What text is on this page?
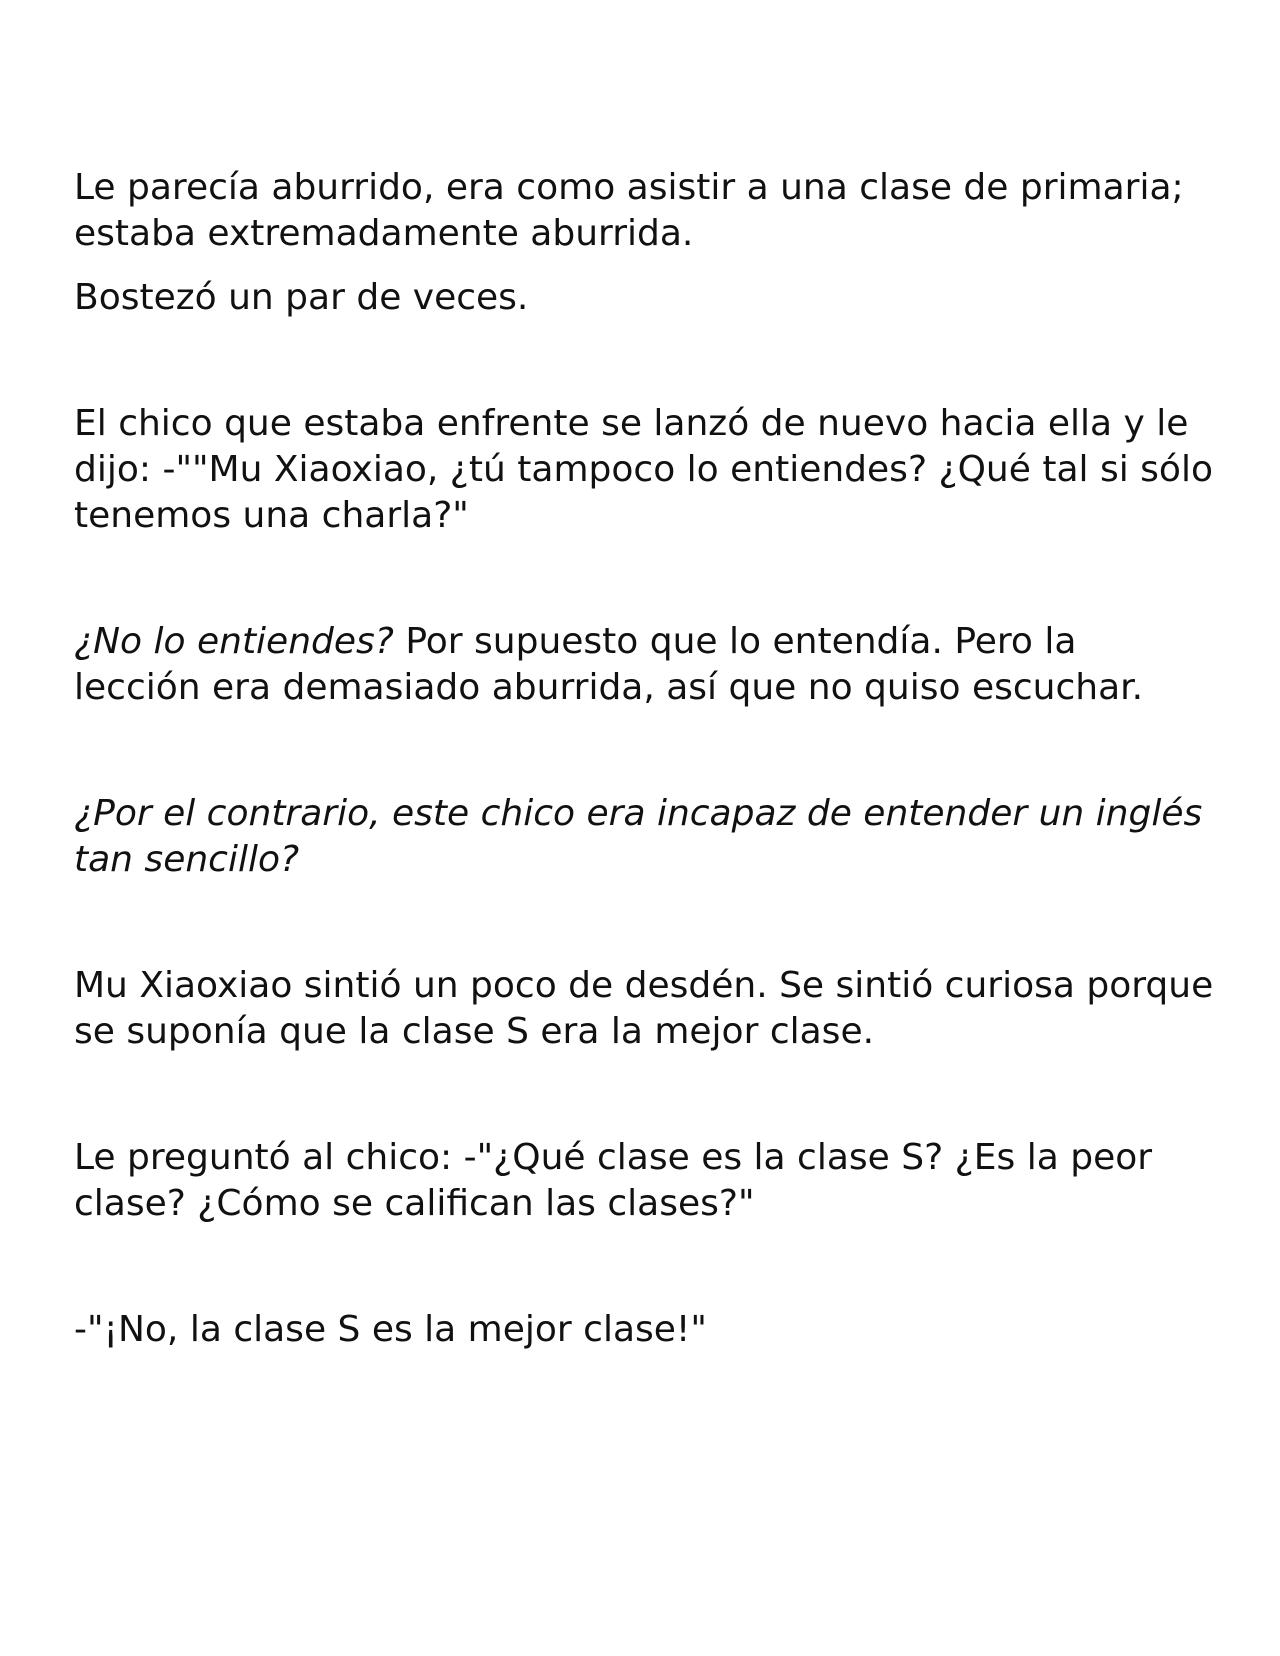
Le parecía aburrido, era como asistir a una clase de primaria; estaba extremadamente aburrida.

Bostezó un par de veces.

El chico que estaba enfrente se lanzó de nuevo hacia ella y le dijo: -""Mu Xiaoxiao, ¿tú tampoco lo entiendes? ¿Qué tal si sólo tenemos una charla?"

¿No lo entiendes? Por supuesto que lo entendía. Pero la lección era demasiado aburrida, así que no quiso escuchar.

¿Por el contrario, este chico era incapaz de entender un inglés tan sencillo?

Mu Xiaoxiao sintió un poco de desdén. Se sintió curiosa porque se suponía que la clase S era la mejor clase.

Le preguntó al chico: -"¿Qué clase es la clase S? ¿Es la peor clase? ¿Cómo se califican las clases?"

-"¡No, la clase S es la mejor clase!"
